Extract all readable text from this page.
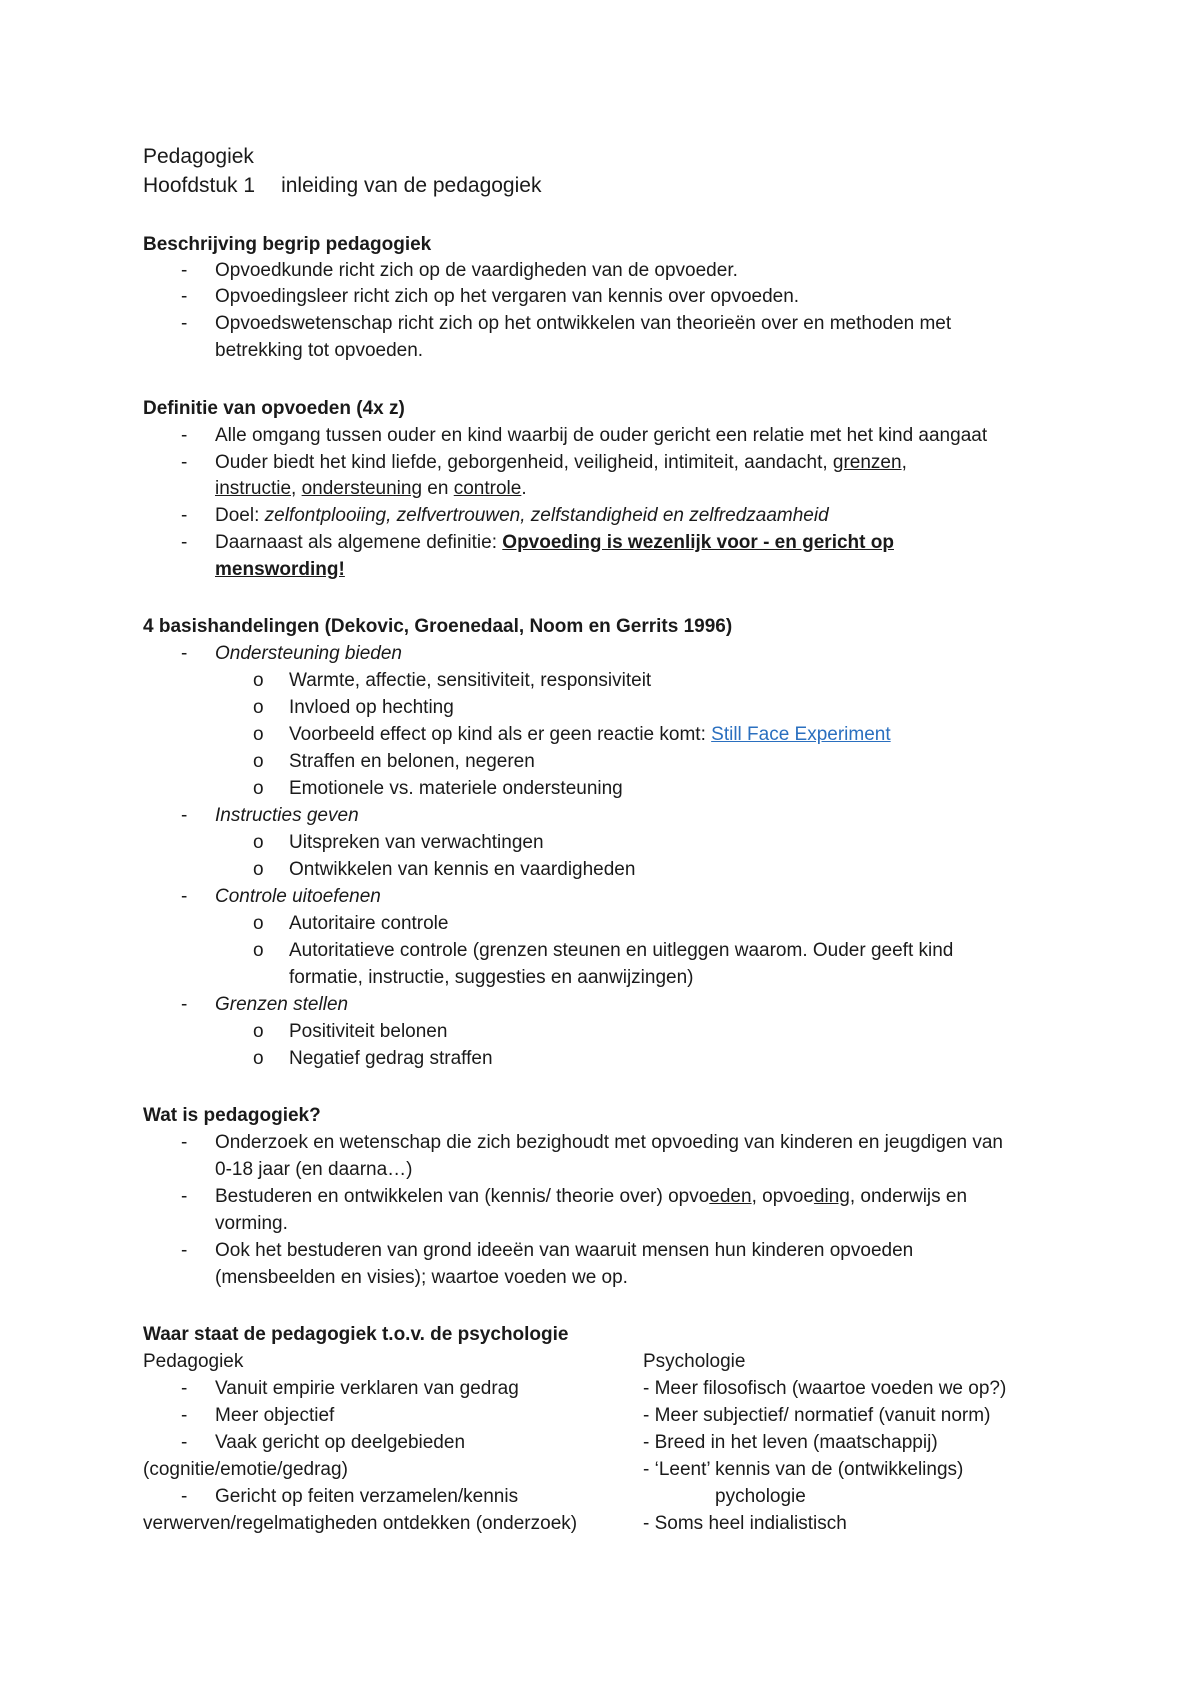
Pedagogiek
Hoofdstuk 1 inleiding van de pedagogiek
Beschrijving begrip pedagogiek
- Opvoedkunde richt zich op de vaardigheden van de opvoeder.
- Opvoedingsleer richt zich op het vergaren van kennis over opvoeden.
- Opvoedswetenschap richt zich op het ontwikkelen van theorieën over en methoden met
betrekking tot opvoeden.
Definitie van opvoeden (4x z)
- Alle omgang tussen ouder en kind waarbij de ouder gericht een relatie met het kind aangaat
- Ouder biedt het kind liefde, geborgenheid, veiligheid, intimiteit, aandacht, grenzen,
instructie, ondersteuning en controle.
- Doel: zelfontplooiing, zelfvertrouwen, zelfstandigheid en zelfredzaamheid
- Daarnaast als algemene definitie: Opvoeding is wezenlijk voor - en gericht op
menswording!
4 basishandelingen (Dekovic, Groenedaal, Noom en Gerrits 1996)
- Ondersteuning bieden
o Warmte, affectie, sensitiviteit, responsiviteit
o Invloed op hechting
o Voorbeeld effect op kind als er geen reactie komt: Still Face Experiment
o Straffen en belonen, negeren
o Emotionele vs. materiele ondersteuning
- Instructies geven
o Uitspreken van verwachtingen
o Ontwikkelen van kennis en vaardigheden
- Controle uitoefenen
o Autoritaire controle
o Autoritatieve controle (grenzen steunen en uitleggen waarom. Ouder geeft kind
formatie, instructie, suggesties en aanwijzingen)
- Grenzen stellen
o Positiviteit belonen
o Negatief gedrag straffen
Wat is pedagogiek?
- Onderzoek en wetenschap die zich bezighoudt met opvoeding van kinderen en jeugdigen van
0-18 jaar (en daarna…)
- Bestuderen en ontwikkelen van (kennis/ theorie over) opvoeden, opvoeding, onderwijs en
vorming.
- Ook het bestuderen van grond ideeën van waaruit mensen hun kinderen opvoeden
(mensbeelden en visies); waartoe voeden we op.
Waar staat de pedagogiek t.o.v. de psychologie
Pedagogiek	Psychologie
- Vanuit empirie verklaren van gedrag
- Meer objectief
- Vaak gericht op deelgebieden
(cognitie/emotie/gedrag)
- Gericht op feiten verzamelen/kennis
verwerven/regelmatigheden ontdekken (onderzoek)
- Meer filosofisch (waartoe voeden we op?)
- Meer subjectief/ normatief (vanuit norm)
- Breed in het leven (maatschappij)
- ‘Leent’ kennis van de (ontwikkelings)
pychologie
- Soms heel indialistisch
